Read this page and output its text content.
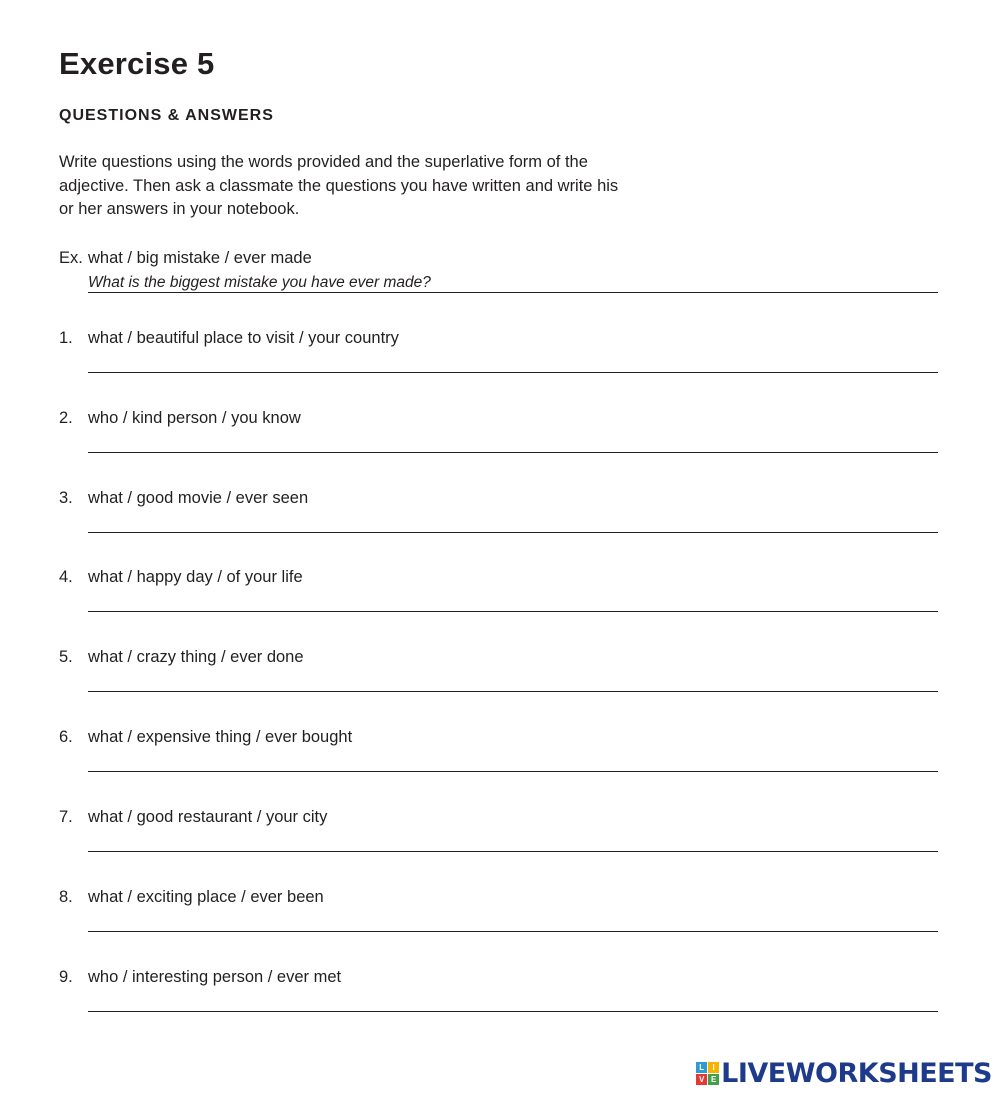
Exercise 5
QUESTIONS & ANSWERS

Write questions using the words provided and the superlative form of the adjective. Then ask a classmate the questions you have written and write his or her answers in your notebook.

Ex. what / big mistake / ever made
What is the biggest mistake you have ever made?
1. what / beautiful place to visit / your country
2. who / kind person / you know
3. what / good movie / ever seen
4. what / happy day / of your life
5. what / crazy thing / ever done
6. what / expensive thing / ever bought
7. what / good restaurant / your city
8. what / exciting place / ever been
9. who / interesting person / ever met
L	I
V E LIVEWORKSHEETS
